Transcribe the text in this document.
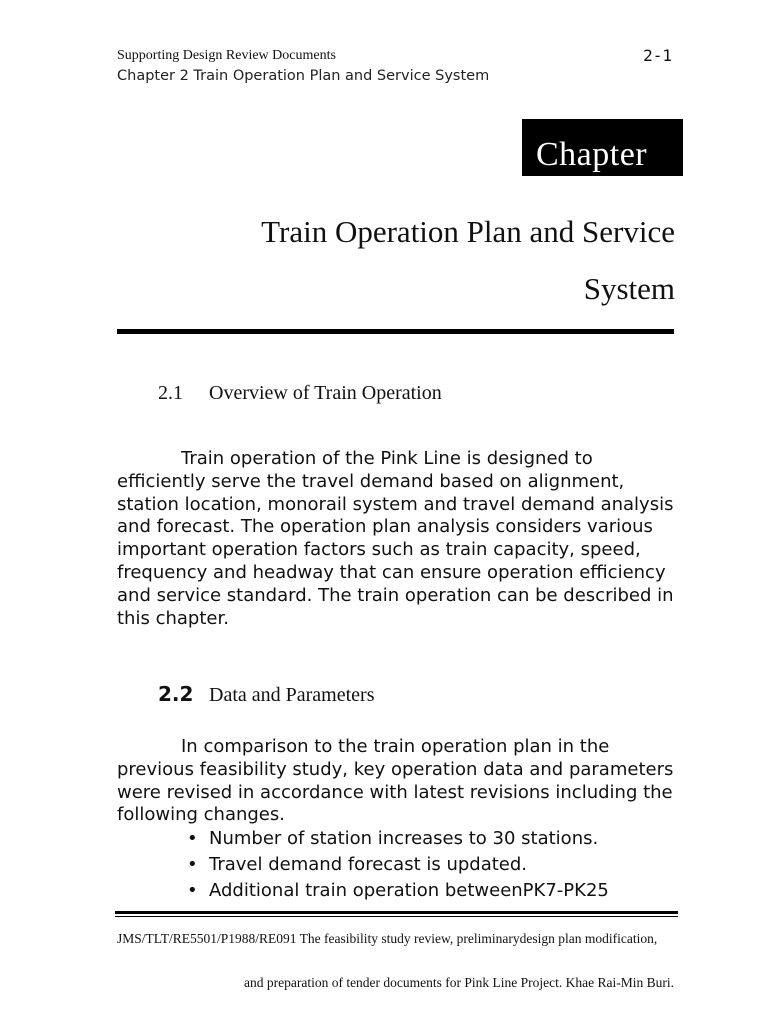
Supporting Design Review Documents	2-1
Chapter 2 Train Operation Plan and Service System
Chapter
Train Operation Plan and Service
System
2.1 Overview of Train Operation

Train operation of the Pink Line is designed to efficiently serve the travel demand based on alignment, station location, monorail system and travel demand analysis and forecast. The operation plan analysis considers various important operation factors such as train capacity, speed, frequency and headway that can ensure operation efficiency and service standard. The train operation can be described in this chapter.

2.2 Data and Parameters

In comparison to the train operation plan in the previous feasibility study, key operation data and parameters were revised in accordance with latest revisions including the following changes.

• Number of station increases to 30 stations.
• Travel demand forecast is updated.
• Additional train operation betweenPK7-PK25
JMS/TLT/RE5501/P1988/RE091 The feasibility study review, preliminarydesign plan modification,
and preparation of tender documents for Pink Line Project. Khae Rai-Min Buri.
